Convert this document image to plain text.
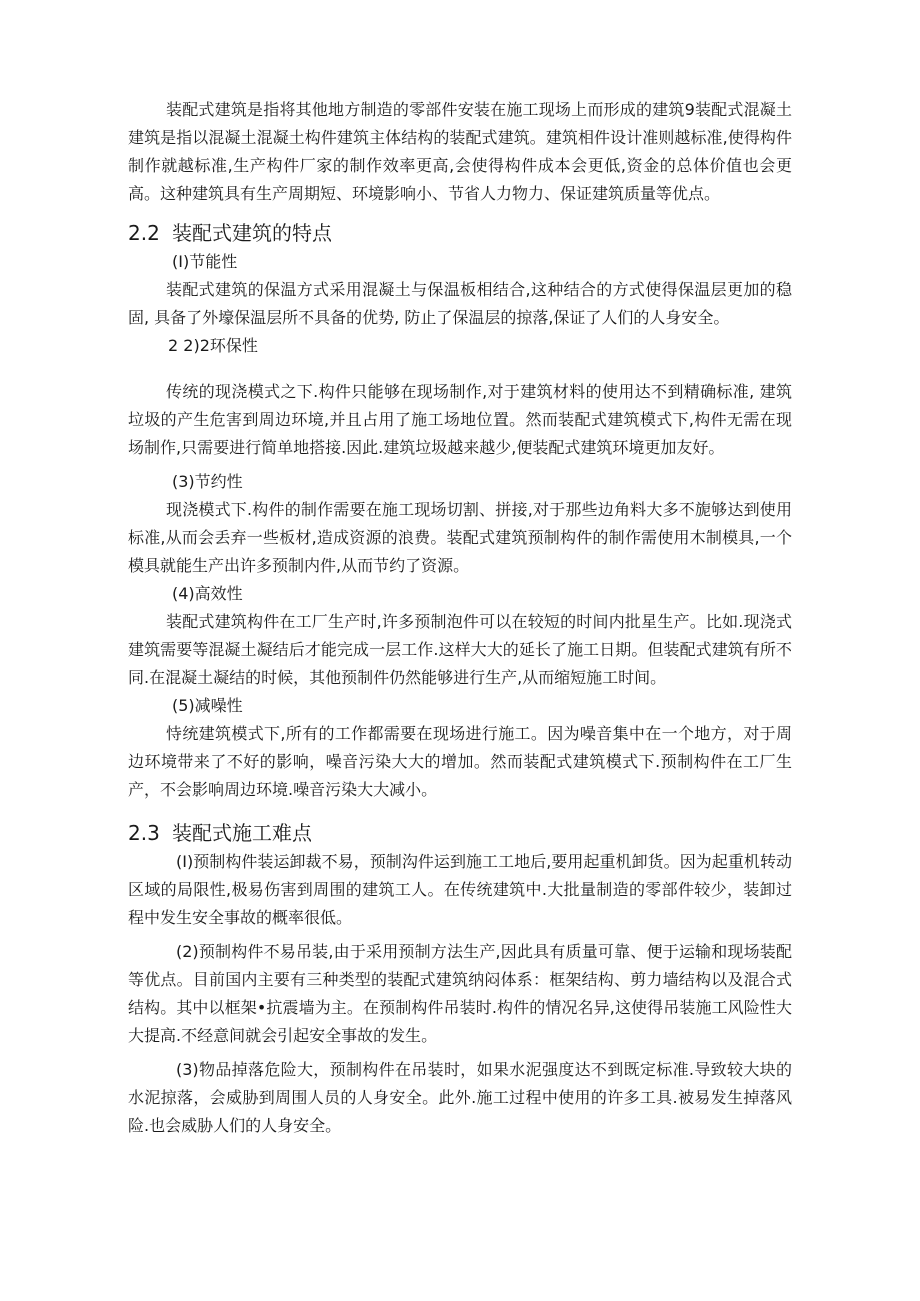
装配式建筑是指将其他地方制造的零部件安装在施工现场上而形成的建筑9装配式混凝土建筑是指以混凝土混凝土构件建筑主体结构的装配式建筑。建筑相件设计准则越标准,使得构件制作就越标准,生产构件厂家的制作效率更高,会使得构件成本会更低,资金的总体价值也会更高。这种建筑具有生产周期短、环境影响小、节省人力物力、保证建筑质量等优点。

2.2 装配式建筑的特点
(I)节能性

装配式建筑的保温方式采用混凝土与保温板相结合,这种结合的方式使得保温层更加的稳固, 具备了外壕保温层所不具备的优势, 防止了保温层的掠落,保证了人们的人身安全。

2 2)2环保性

传统的现浇模式之下.构件只能够在现场制作,对于建筑材料的使用达不到精确标准, 建筑垃圾的产生危害到周边环境,并且占用了施工场地位置。然而装配式建筑模式下,构件无需在现场制作,只需要进行简单地搭接.因此.建筑垃圾越来越少,便装配式建筑环境更加友好。

(3)节约性

现浇模式下.构件的制作需要在施工现场切割、拼接,对于那些边角料大多不旎够达到使用标准,从而会丢弃一些板材,造成资源的浪费。装配式建筑预制构件的制作需使用木制模具,一个模具就能生产出许多预制内件,从而节约了资源。

(4)高效性

装配式建筑构件在工厂生产时,许多预制泡件可以在较短的时间内批星生产。比如.现浇式建筑需要等混凝土凝结后才能完成一层工作.这样大大的延长了施工日期。但装配式建筑有所不同.在混凝土凝结的时候，其他预制件仍然能够进行生产,从而缩短施工时间。

(5)减噪性

恃统建筑模式下,所有的工作都需要在现场进行施工。因为噪音集中在一个地方，对于周边环境带来了不好的影响，噪音污染大大的增加。然而装配式建筑模式下.预制构件在工厂生产，不会影响周边环境.噪音污染大大减小。

2.3 装配式施工难点

(I)预制构件装运卸裁不易，预制沟件运到施工工地后,要用起重机卸货。因为起重机转动区域的局限性,极易伤害到周围的建筑工人。在传统建筑中.大批量制造的零部件较少，装卸过程中发生安全事故的概率很低。

(2)预制构件不易吊装,由于采用预制方法生产,因此具有质量可靠、便于运输和现场装配等优点。目前国内主要有三种类型的装配式建筑纳闷体系：框架结构、剪力墙结构以及混合式结构。其中以框架•抗震墙为主。在预制构件吊装时.构件的情况名异,这使得吊装施工风险性大大提高.不经意间就会引起安全事故的发生。

(3)物品掉落危险大，预制构件在吊装时，如果水泥强度达不到既定标准.导致较大块的水泥掠落，会威胁到周围人员的人身安全。此外.施工过程中使用的许多工具.被易发生掉落风险.也会威胁人们的人身安全。
